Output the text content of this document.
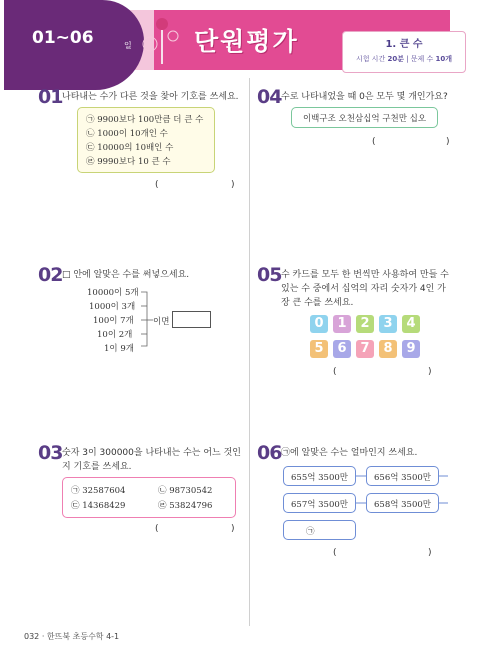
01~06	일 단원평가	1. 큰 수
시험 시간 20분 | 문제 수 10개
01 나타내는 수가 다른 것을 찾아 기호를 쓰세요.
㉠ 9900보다 100만큼 더 큰 수
㉡ 1000이 10개인 수
㉢ 10000의 10배인 수
㉣ 9990보다 10 큰 수
(	)
02 □ 안에 알맞은 수를 써넣으세요.
10000이 5개
1000이 3개
100이 7개
10이 2개
1이 9개
이면
03 숫자 3이 300000을 나타내는 수는 어느 것인지 기호를 쓰세요.
㉠ 32587604	㉡ 98730542
㉢ 14368429	㉣ 53824796
(	)
04 수로 나타내었을 때 0은 모두 몇 개인가요?
이백구조 오천삼십억 구천만 십오
(	)
05 수 카드를 모두 한 번씩만 사용하여 만들 수 있는 수 중에서 십억의 자리 숫자가 4인 가장 큰 수를 쓰세요.
0	1	2	3	4
5	6	7	8	9
(	)
06 ㉠에 알맞은 수는 얼마인지 쓰세요.
655억 3500만	656억 3500만
657억 3500만	658억 3500만
㉠
(	)
032 · 한뜨북 초등수학 4-1
